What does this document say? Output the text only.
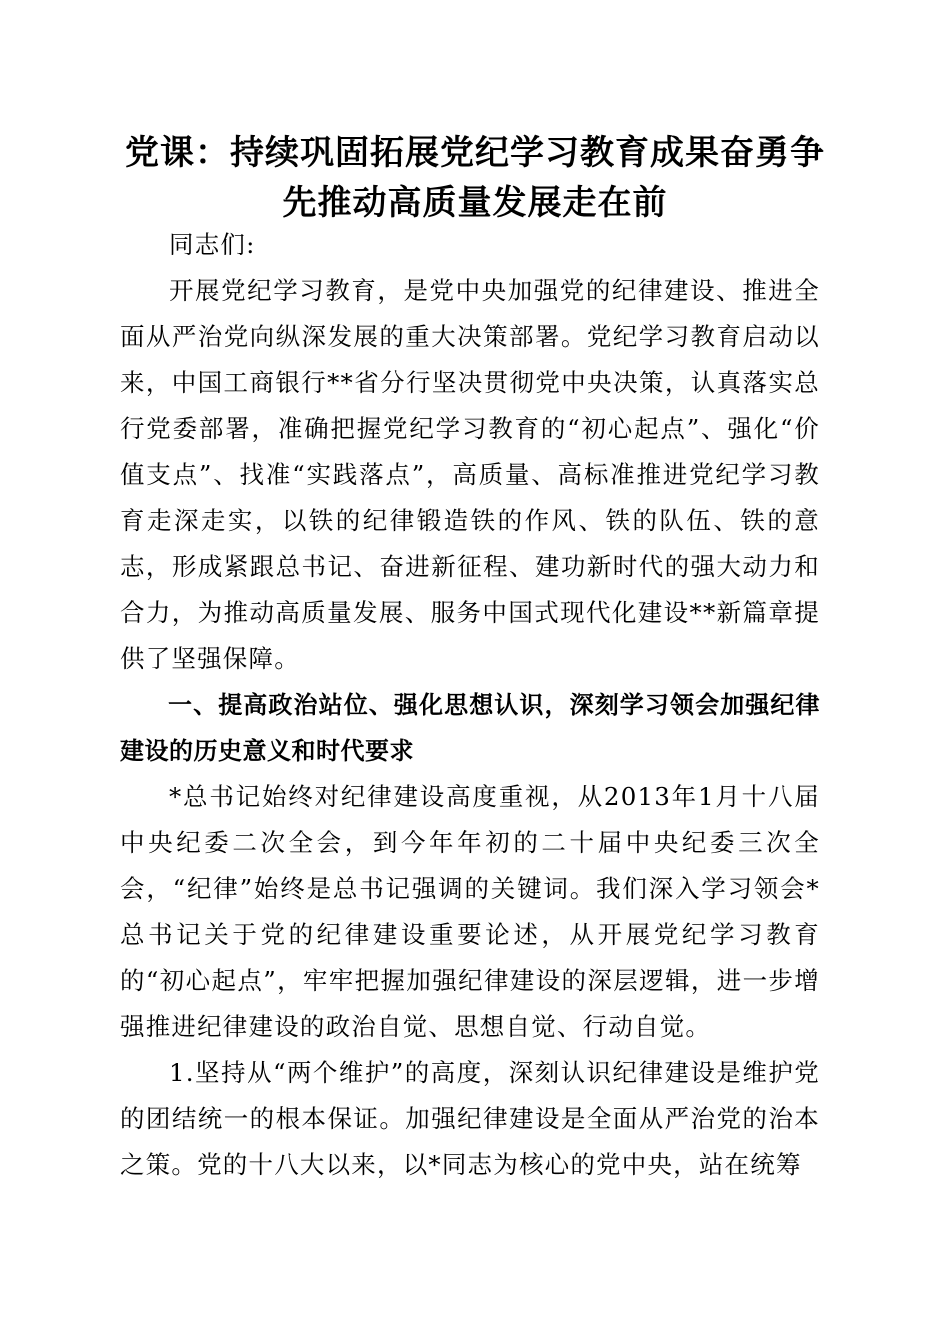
党课：持续巩固拓展党纪学习教育成果奋勇争
先推动高质量发展走在前

同志们:

开展党纪学习教育，是党中央加强党的纪律建设、推进全面从严治党向纵深发展的重大决策部署。党纪学习教育启动以来，中国工商银行**省分行坚决贯彻党中央决策，认真落实总行党委部署，准确把握党纪学习教育的“初心起点”、强化“价值支点”、找准“实践落点”，高质量、高标准推进党纪学习教育走深走实，以铁的纪律锻造铁的作风、铁的队伍、铁的意志，形成紧跟总书记、奋进新征程、建功新时代的强大动力和合力，为推动高质量发展、服务中国式现代化建设**新篇章提供了坚强保障。

一、提高政治站位、强化思想认识，深刻学习领会加强纪律建设的历史意义和时代要求

*总书记始终对纪律建设高度重视，从2013年1月十八届中央纪委二次全会，到今年年初的二十届中央纪委三次全会，“纪律”始终是总书记强调的关键词。我们深入学习领会*总书记关于党的纪律建设重要论述，从开展党纪学习教育的“初心起点”，牢牢把握加强纪律建设的深层逻辑，进一步增强推进纪律建设的政治自觉、思想自觉、行动自觉。

1.坚持从“两个维护”的高度，深刻认识纪律建设是维护党的团结统一的根本保证。加强纪律建设是全面从严治党的治本之策。党的十八大以来，以*同志为核心的党中央，站在统筹
